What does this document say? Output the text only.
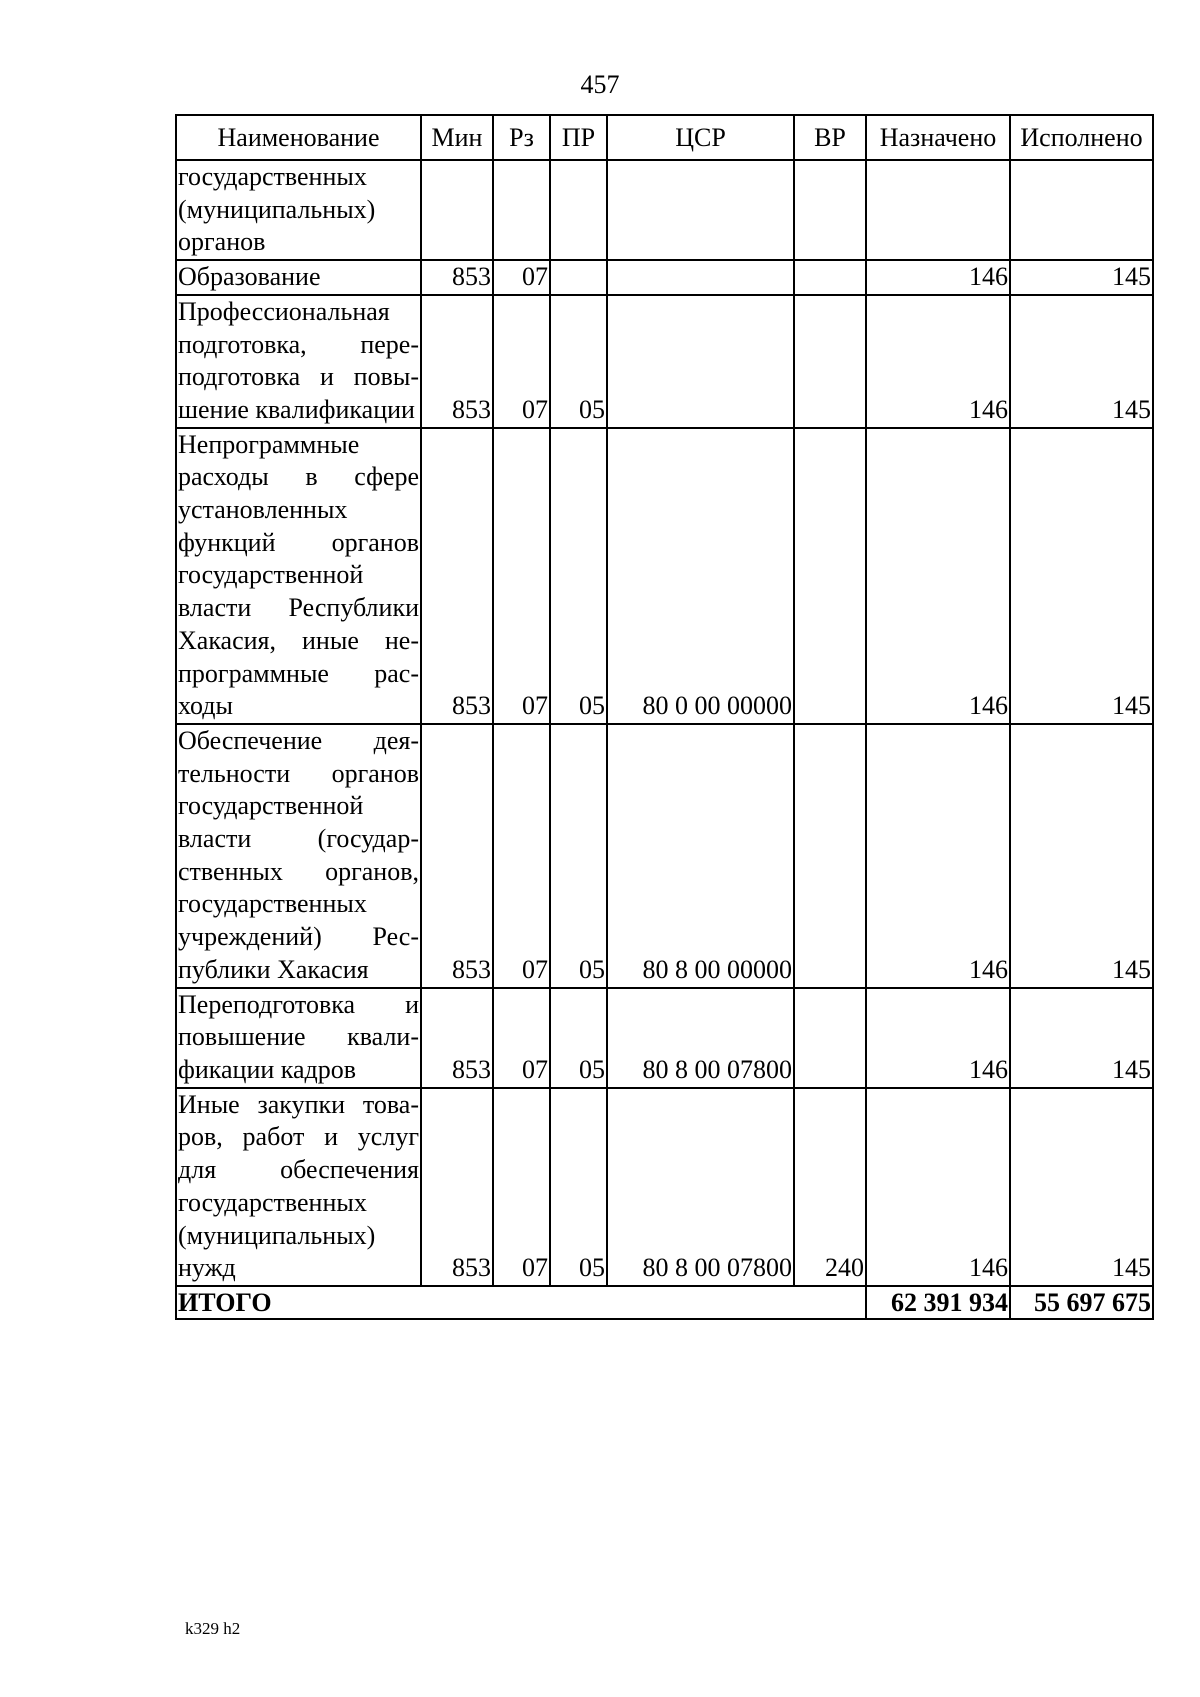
457
Наименование	Мин	Рз	ПР	ЦСР	ВР	Назначено	Исполнено
государственных (муниципальных) органов							
Образование	853	07				146	145
Профессиональная подготовка, переподготовка и повышение квалификации	853	07	05			146	145
Непрограммные расходы в сфере установленных функций органов государственной власти Республики Хакасия, иные непрограммные расходы	853	07	05	80 0 00 00000		146	145
Обеспечение деятельности органов государственной власти (государственных органов, государственных учреждений) Республики Хакасия	853	07	05	80 8 00 00000		146	145
Переподготовка и повышение квалификации кадров	853	07	05	80 8 00 07800		146	145
Иные закупки товаров, работ и услуг для обеспечения государственных (муниципальных) нужд	853	07	05	80 8 00 07800	240	146	145
ИТОГО						62 391 934	55 697 675
k329 h2
